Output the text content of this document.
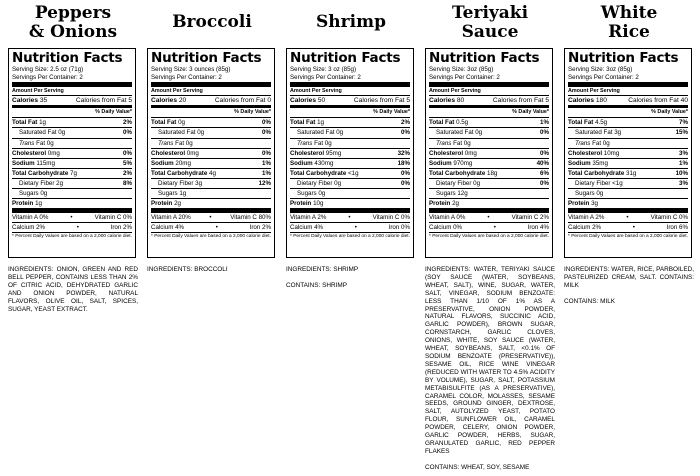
Peppers
& Onions
Nutrition Facts
Serving Size: 2.5 oz (71g)
Servings Per Container: 2
Amount Per Serving
Calories 35	Calories from Fat 5
% Daily Value*
Total Fat 1g	2%
Saturated Fat 0g	0%
Trans Fat 0g
Cholesterol 0mg	0%
Sodium 115mg	5%
Total Carbohydrate 7g	2%
Dietary Fiber 2g	8%
Sugars 0g
Protein 1g
Vitamin A 0%	•	Vitamin C 0%
Calcium 2%	•	Iron 2%
* Percent Daily Values are based on a 2,000 calorie diet.
INGREDIENTS: ONION, GREEN AND RED BELL PEPPER, CONTAINS LESS THAN 2% OF CITRIC ACID, DEHYDRATED GARLIC AND ONION POWDER, NATURAL FLAVORS, OLIVE OIL, SALT, SPICES, SUGAR, YEAST EXTRACT.
Broccoli
Nutrition Facts
Serving Size: 3 ounces (85g)
Servings Per Container: 2
Amount Per Serving
Calories 20	Calories from Fat 0
% Daily Value*
Total Fat 0g	0%
Saturated Fat 0g	0%
Trans Fat 0g
Cholesterol 0mg	0%
Sodium 20mg	1%
Total Carbohydrate 4g	1%
Dietary Fiber 3g	12%
Sugars 1g
Protein 2g
Vitamin A 20%	•	Vitamin C 80%
Calcium 4%	•	Iron 2%
* Percent Daily Values are based on a 2,000 calorie diet.
INGREDIENTS: BROCCOLI
Shrimp
Nutrition Facts
Serving Size: 3 oz (85g)
Servings Per Container: 2
Amount Per Serving
Calories 50	Calories from Fat 5
% Daily Value*
Total Fat 1g	2%
Saturated Fat 0g	0%
Trans Fat 0g
Cholesterol 95mg	32%
Sodium 430mg	18%
Total Carbohydrate <1g	0%
Dietary Fiber 0g	0%
Sugars 0g
Protein 10g
Vitamin A 2%	•	Vitamin C 0%
Calcium 4%	•	Iron 0%
* Percent Daily Values are based on a 2,000 calorie diet.
INGREDIENTS: SHRIMP
CONTAINS: SHRIMP
Teriyaki
Sauce
Nutrition Facts
Serving Size: 3oz (85g)
Servings Per Container: 2
Amount Per Serving
Calories 80	Calories from Fat 5
% Daily Value*
Total Fat 0.5g	1%
Saturated Fat 0g	0%
Trans Fat 0g
Cholesterol 0mg	0%
Sodium 970mg	40%
Total Carbohydrate 18g	6%
Dietary Fiber 0g	0%
Sugars 12g
Protein 2g
Vitamin A 0%	•	Vitamin C 2%
Calcium 0%	•	Iron 4%
* Percent Daily Values are based on a 2,000 calorie diet.
INGREDIENTS: WATER, TERIYAKI SAUCE (SOY SAUCE (WATER, SOYBEANS, WHEAT, SALT), WINE, SUGAR, WATER, SALT, VINEGAR, SODIUM BENZOATE: LESS THAN 1/10 OF 1% AS A PRESERVATIVE, ONION POWDER, NATURAL FLAVORS, SUCCINIC ACID, GARLIC POWDER), BROWN SUGAR, CORNSTARCH, GARLIC CLOVES, ONIONS, WHITE, SOY SAUCE (WATER, WHEAT, SOYBEANS, SALT, <0.1% OF SODIUM BENZOATE (PRESERVATIVE)), SESAME OIL, RICE WINE VINEGAR (REDUCED WITH WATER TO 4.5% ACIDITY BY VOLUME), SUGAR, SALT, POTASSIUM METABISULFITE (AS A PRESERVATIVE), CARAMEL COLOR, MOLASSES, SESAME SEEDS, GROUND GINGER, DEXTROSE, SALT, AUTOLYZED YEAST, POTATO FLOUR, SUNFLOWER OIL, CARAMEL POWDER, CELERY, ONION POWDER, GARLIC POWDER, HERBS, SUGAR, GRANULATED GARLIC, RED PEPPER FLAKES
CONTAINS: WHEAT, SOY, SESAME
White
Rice
Nutrition Facts
Serving Size: 3oz (85g)
Servings Per Container: 2
Amount Per Serving
Calories 180	Calories from Fat 40
% Daily Value*
Total Fat 4.5g	7%
Saturated Fat 3g	15%
Trans Fat 0g
Cholesterol 10mg	3%
Sodium 35mg	1%
Total Carbohydrate 31g	10%
Dietary Fiber <1g	3%
Sugars 0g
Protein 3g
Vitamin A 2%	•	Vitamin C 0%
Calcium 2%	•	Iron 6%
* Percent Daily Values are based on a 2,000 calorie diet.
INGREDIENTS: WATER, RICE, PARBOILED, PASTEURIZED CREAM, SALT. CONTAINS: MILK
CONTAINS: MILK
